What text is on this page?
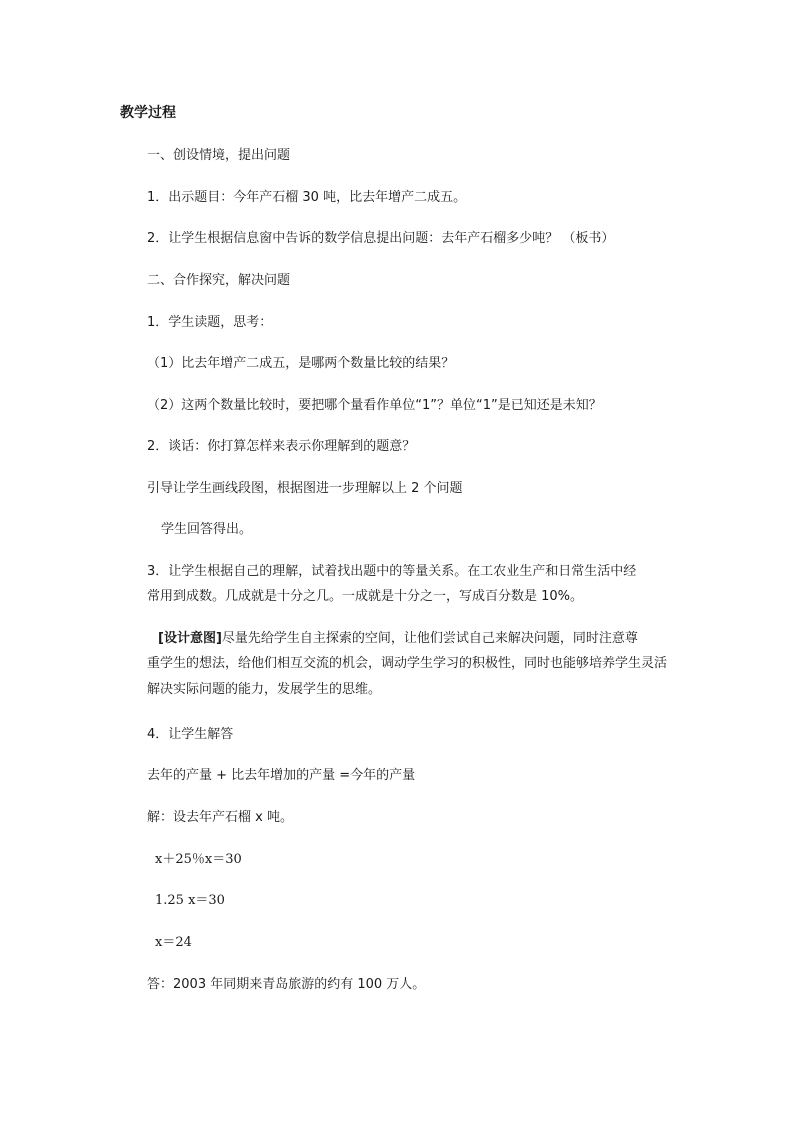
教学过程
一、创设情境，提出问题
1．出示题目：今年产石榴 30 吨，比去年增产二成五。
2．让学生根据信息窗中告诉的数学信息提出问题：去年产石榴多少吨？ （板书）
二、合作探究，解决问题
1．学生读题，思考：
（1）比去年增产二成五，是哪两个数量比较的结果？
（2）这两个数量比较时，要把哪个量看作单位“1”？单位“1”是已知还是未知？
2．谈话：你打算怎样来表示你理解到的题意？
引导让学生画线段图，根据图进一步理解以上 2 个问题
学生回答得出。
3．让学生根据自己的理解，试着找出题中的等量关系。在工农业生产和日常生活中经
常用到成数。几成就是十分之几。一成就是十分之一，写成百分数是 10%。
[设计意图]尽量先给学生自主探索的空间，让他们尝试自己来解决问题，同时注意尊
重学生的想法，给他们相互交流的机会，调动学生学习的积极性，同时也能够培养学生灵活
解决实际问题的能力，发展学生的思维。
4．让学生解答
去年的产量 + 比去年增加的产量 =今年的产量
解：设去年产石榴 x 吨。
x＋25％x＝30
1.25 x＝30
x＝24
答：2003 年同期来青岛旅游的约有 100 万人。
